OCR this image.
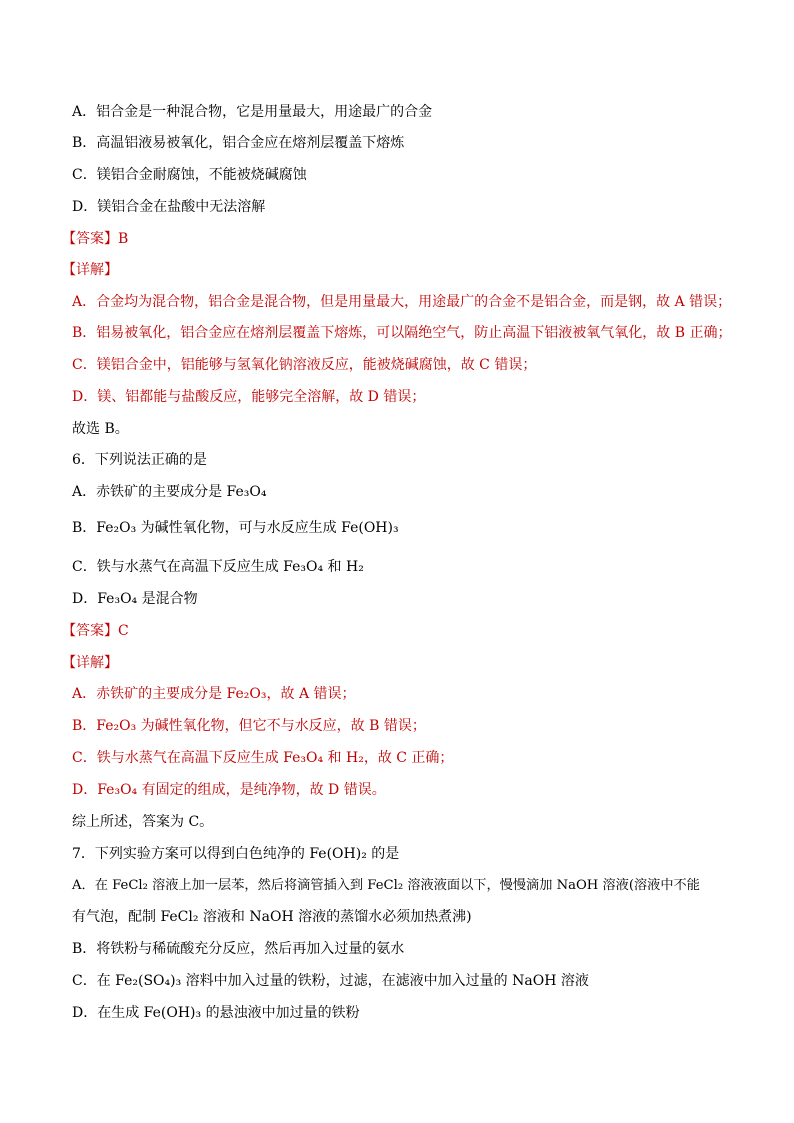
A．铝合金是一种混合物，它是用量最大，用途最广的合金
B．高温铝液易被氧化，铝合金应在熔剂层覆盖下熔炼
C．镁铝合金耐腐蚀，不能被烧碱腐蚀
D．镁铝合金在盐酸中无法溶解
【答案】B
【详解】
A．合金均为混合物，铝合金是混合物，但是用量最大，用途最广的合金不是铝合金，而是钢，故 A 错误；
B．铝易被氧化，铝合金应在熔剂层覆盖下熔炼，可以隔绝空气，防止高温下铝液被氧气氧化，故 B 正确；
C．镁铝合金中，铝能够与氢氧化钠溶液反应，能被烧碱腐蚀，故 C 错误；
D．镁、铝都能与盐酸反应，能够完全溶解，故 D 错误；
故选 B。
6．下列说法正确的是
A．赤铁矿的主要成分是 Fe₃O₄
B．Fe₂O₃ 为碱性氧化物，可与水反应生成 Fe(OH)₃
C．铁与水蒸气在高温下反应生成 Fe₃O₄ 和 H₂
D．Fe₃O₄ 是混合物
【答案】C
【详解】
A．赤铁矿的主要成分是 Fe₂O₃，故 A 错误；
B．Fe₂O₃ 为碱性氧化物，但它不与水反应，故 B 错误；
C．铁与水蒸气在高温下反应生成 Fe₃O₄ 和 H₂，故 C 正确；
D．Fe₃O₄ 有固定的组成，是纯净物，故 D 错误。
综上所述，答案为 C。
7．下列实验方案可以得到白色纯净的 Fe(OH)₂ 的是
A．在 FeCl₂ 溶液上加一层苯，然后将滴管插入到 FeCl₂ 溶液液面以下，慢慢滴加 NaOH 溶液(溶液中不能
有气泡，配制 FeCl₂ 溶液和 NaOH 溶液的蒸馏水必须加热煮沸)
B．将铁粉与稀硫酸充分反应，然后再加入过量的氨水
C．在 Fe₂(SO₄)₃ 溶料中加入过量的铁粉，过滤，在滤液中加入过量的 NaOH 溶液
D．在生成 Fe(OH)₃ 的悬浊液中加过量的铁粉
